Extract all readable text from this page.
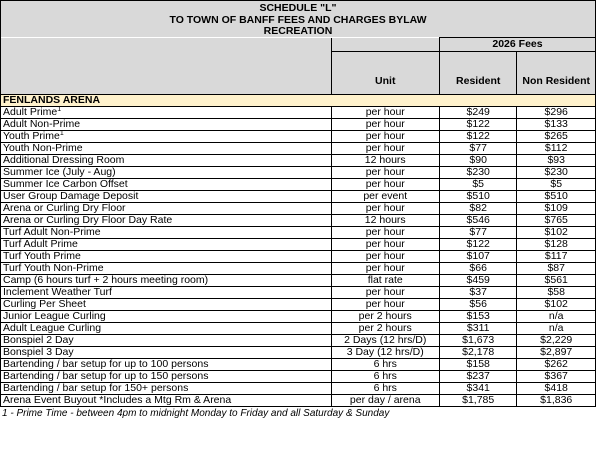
SCHEDULE "L"			
TO TOWN OF BANFF FEES AND CHARGES BYLAW			
RECREATION			
		2026 Fees	
	Unit	Resident	Non Resident
FENLANDS ARENA			
Adult Prime$^1$	per hour	$249	$296
Adult Non-Prime	per hour	$122	$133
Youth Prime$^1$	per hour	$122	$265
Youth Non-Prime	per hour	$77	$112
Additional Dressing Room	12 hours	$90	$93
Summer Ice (July - Aug)	per hour	$230	$230
Summer Ice Carbon Offset	per hour	$5	$5
User Group Damage Deposit	per event	$510	$510
Arena or Curling Dry Floor	per hour	$82	$109
Arena or Curling Dry Floor Day Rate	12 hours	$546	$765
Turf Adult Non-Prime	per hour	$77	$102
Turf Adult Prime	per hour	$122	$128
Turf Youth Prime	per hour	$107	$117
Turf Youth Non-Prime	per hour	$66	$87
Camp (6 hours turf + 2 hours meeting room)	flat rate	$459	$561
Inclement Weather Turf	per hour	$37	$58
Curling Per Sheet	per hour	$56	$102
Junior League Curling	per 2 hours	$153	n/a
Adult League Curling	per 2 hours	$311	n/a
Bonspiel 2 Day	2 Days (12 hrs/D)	$1,673	$2,229
Bonspiel 3 Day	3 Day (12 hrs/D)	$2,178	$2,897
Bartending / bar setup for up to 100 persons	6 hrs	$158	$262
Bartending / bar setup for up to 150 persons	6 hrs	$237	$367
Bartending / bar setup for 150+ persons	6 hrs	$341	$418
Arena Event Buyout *Includes a Mtg Rm & Arena	per day / arena	$1,785	$1,836
1 - Prime Time - between 4pm to midnight Monday to Friday and all Saturday & Sunday
